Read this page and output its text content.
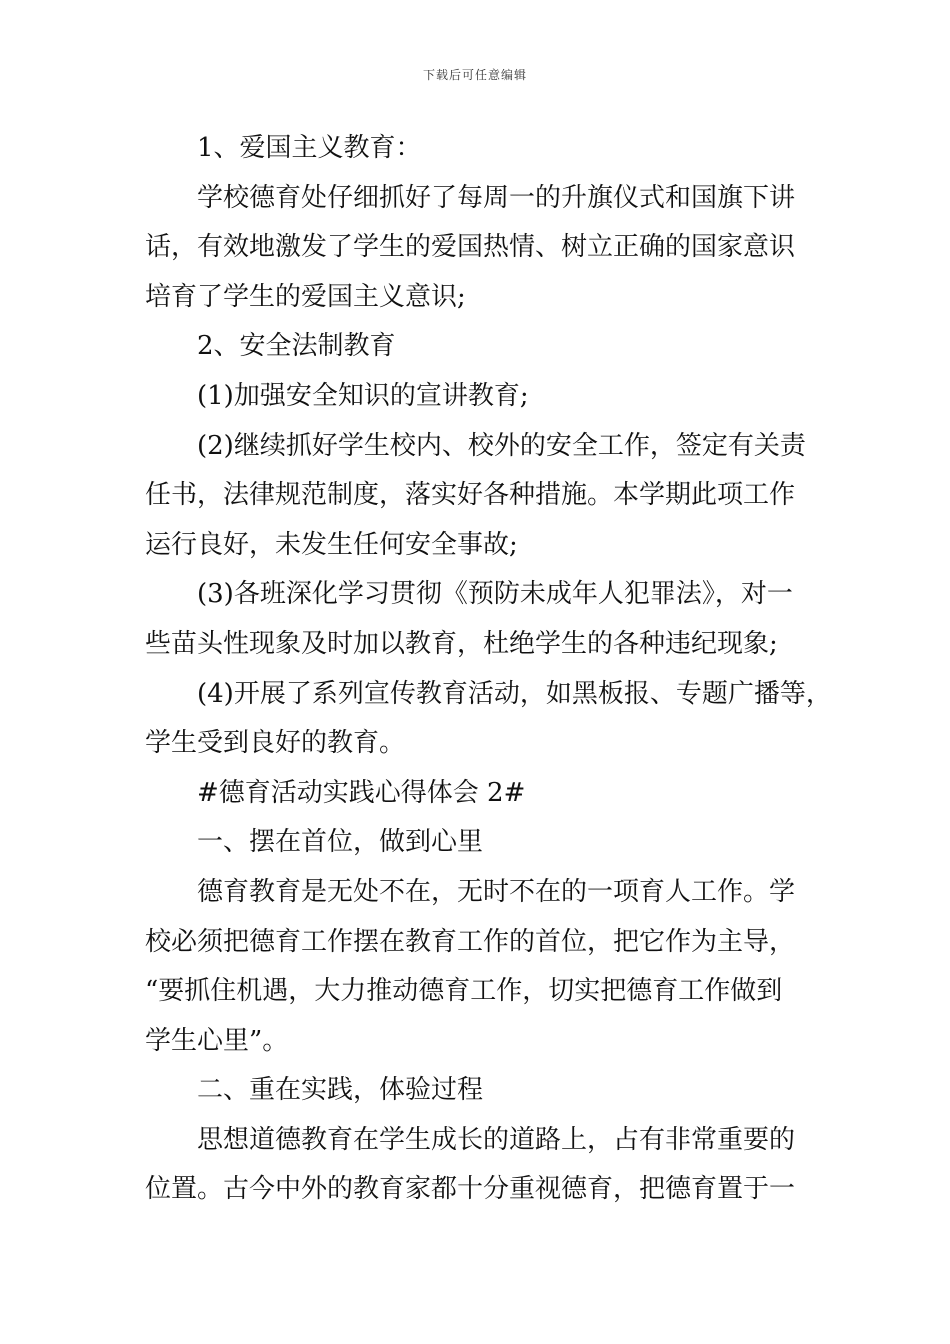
下载后可任意编辑
1、爱国主义教育：
学校德育处仔细抓好了每周一的升旗仪式和国旗下讲
话，有效地激发了学生的爱国热情、树立正确的国家意识
培育了学生的爱国主义意识;
2、安全法制教育
(1)加强安全知识的宣讲教育;
(2)继续抓好学生校内、校外的安全工作，签定有关责
任书，法律规范制度，落实好各种措施。本学期此项工作
运行良好，未发生任何安全事故;
(3)各班深化学习贯彻《预防未成年人犯罪法》，对一
些苗头性现象及时加以教育，杜绝学生的各种违纪现象;
(4)开展了系列宣传教育活动，如黑板报、专题广播等，
学生受到良好的教育。
#德育活动实践心得体会 2#
一、摆在首位，做到心里
德育教育是无处不在，无时不在的一项育人工作。学
校必须把德育工作摆在教育工作的首位，把它作为主导，
“要抓住机遇，大力推动德育工作，切实把德育工作做到
学生心里”。
二、重在实践，体验过程
思想道德教育在学生成长的道路上，占有非常重要的
位置。古今中外的教育家都十分重视德育，把德育置于一
